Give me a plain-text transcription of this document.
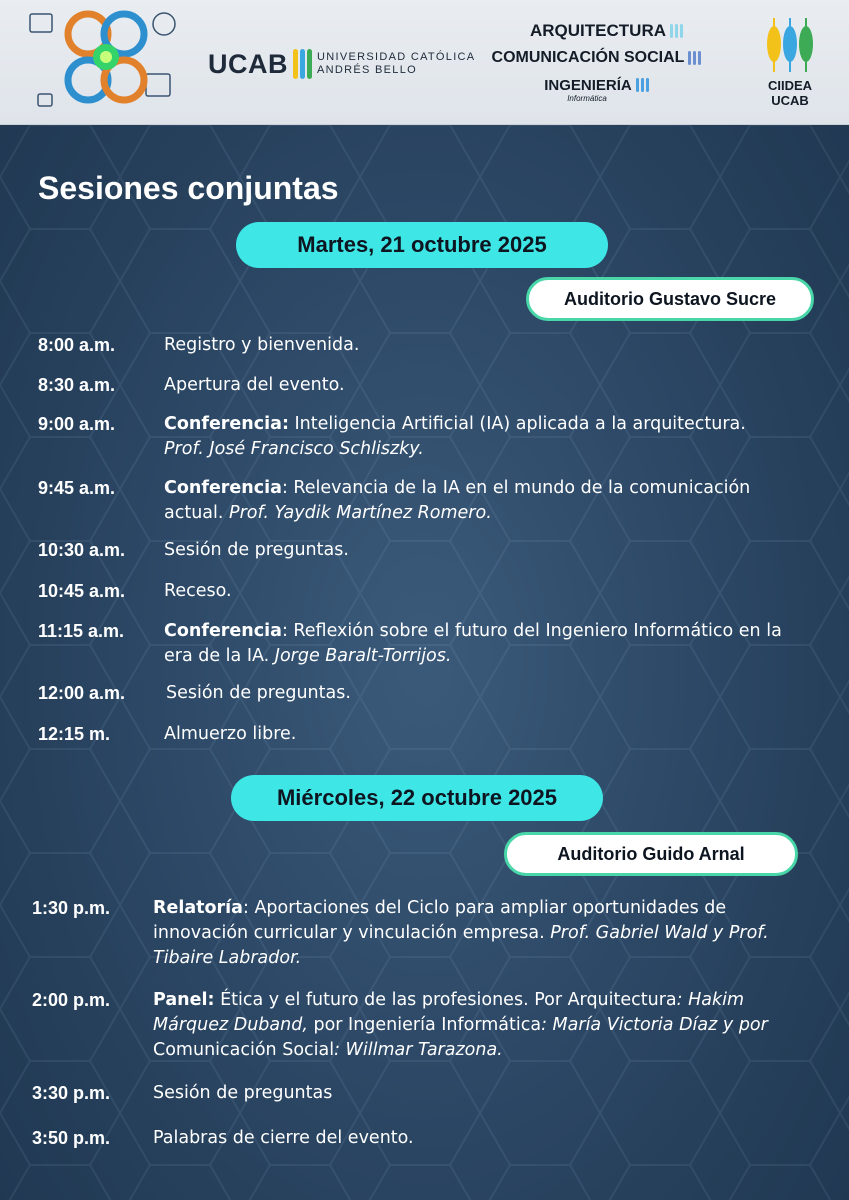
UCAB	UNIVERSIDAD CATÓLICA
ANDRÉS BELLO
ARQUITECTURA
COMUNICACIÓN SOCIAL
INGENIERÍA
Informática
CIIDEA
UCAB
Sesiones conjuntas
Martes, 21 octubre 2025
Auditorio Gustavo Sucre
8:00 a.m.	Registro y bienvenida.
8:30 a.m.	Apertura del evento.
9:00 a.m.	Conferencia: Inteligencia Artificial (IA) aplicada a la arquitectura.
Prof. José Francisco Schliszky.
9:45 a.m.	Conferencia: Relevancia de la IA en el mundo de la comunicación actual. Prof. Yaydik Martínez Romero.
10:30 a.m.	Sesión de preguntas.
10:45 a.m.	Receso.
11:15 a.m.	Conferencia: Reflexión sobre el futuro del Ingeniero Informático en la era de la IA. Jorge Baralt-Torrijos.
12:00 a.m.	Sesión de preguntas.
12:15 m.	Almuerzo libre.
Miércoles, 22 octubre 2025
Auditorio Guido Arnal
1:30 p.m.	Relatoría: Aportaciones del Ciclo para ampliar oportunidades de innovación curricular y vinculación empresa. Prof. Gabriel Wald y Prof. Tibaire Labrador.
2:00 p.m.	Panel: Ética y el futuro de las profesiones. Por Arquitectura: Hakim Márquez Duband, por Ingeniería Informática: María Victoria Díaz y por Comunicación Social: Willmar Tarazona.
3:30 p.m.	Sesión de preguntas
3:50 p.m.	Palabras de cierre del evento.
